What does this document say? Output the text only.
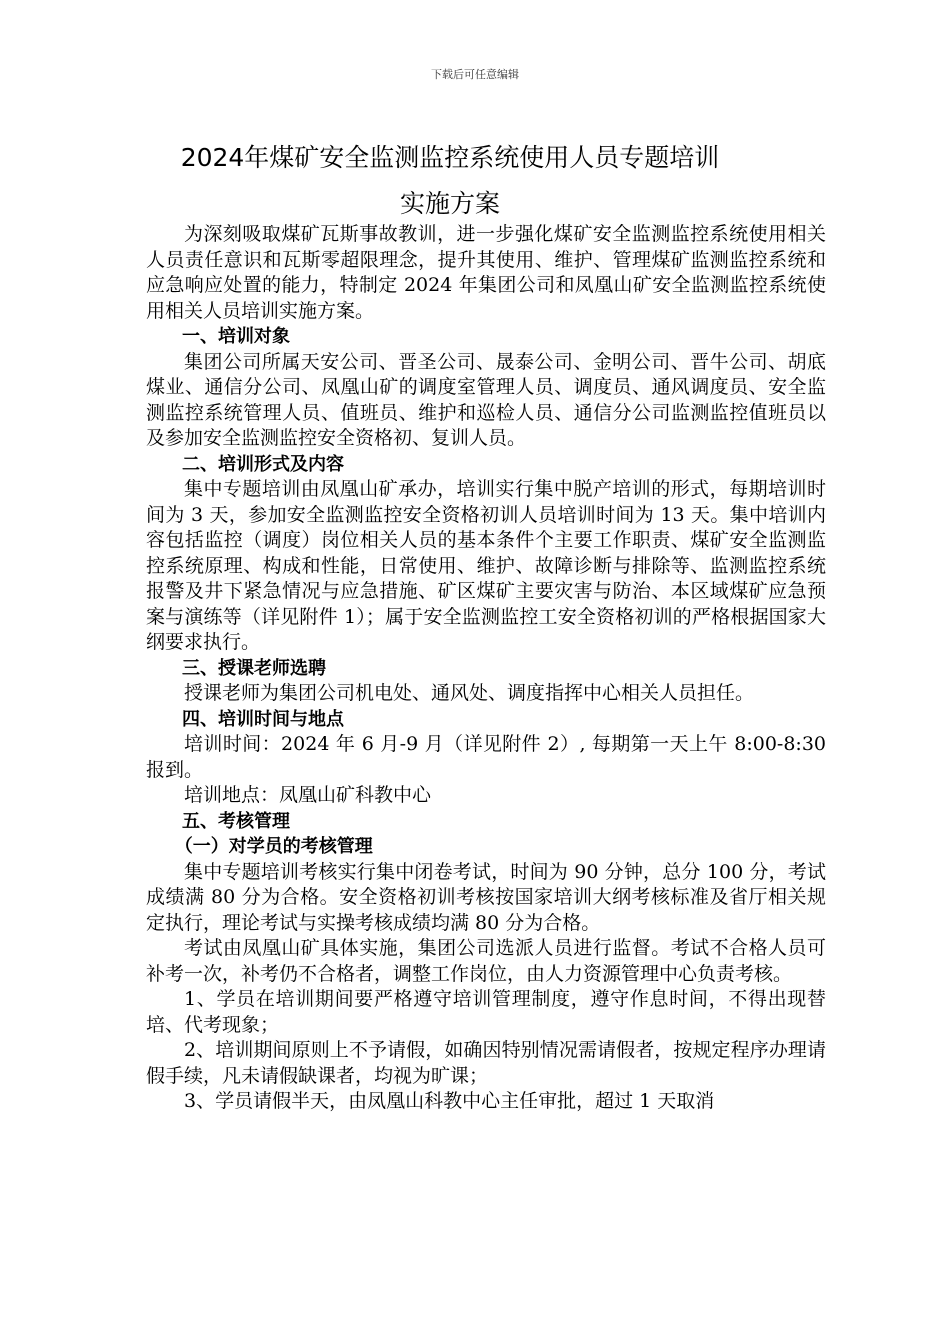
下载后可任意编辑
2024年煤矿安全监测监控系统使用人员专题培训
实施方案

为深刻吸取煤矿瓦斯事故教训，进一步强化煤矿安全监测监控系统使用相关人员责任意识和瓦斯零超限理念，提升其使用、维护、管理煤矿监测监控系统和应急响应处置的能力，特制定 2024 年集团公司和凤凰山矿安全监测监控系统使用相关人员培训实施方案。

一、培训对象

集团公司所属天安公司、晋圣公司、晟泰公司、金明公司、晋牛公司、胡底煤业、通信分公司、凤凰山矿的调度室管理人员、调度员、通风调度员、安全监测监控系统管理人员、值班员、维护和巡检人员、通信分公司监测监控值班员以及参加安全监测监控安全资格初、复训人员。

二、培训形式及内容

集中专题培训由凤凰山矿承办，培训实行集中脱产培训的形式，每期培训时间为 3 天，参加安全监测监控安全资格初训人员培训时间为 13 天。集中培训内容包括监控（调度）岗位相关人员的基本条件个主要工作职责、煤矿安全监测监控系统原理、构成和性能，日常使用、维护、故障诊断与排除等、监测监控系统报警及井下紧急情况与应急措施、矿区煤矿主要灾害与防治、本区域煤矿应急预案与演练等（详见附件 1）；属于安全监测监控工安全资格初训的严格根据国家大纲要求执行。

三、授课老师选聘

授课老师为集团公司机电处、通风处、调度指挥中心相关人员担任。

四、培训时间与地点

培训时间：2024 年 6 月-9 月（详见附件 2）, 每期第一天上午 8:00-8:30 报到。

培训地点：凤凰山矿科教中心

五、考核管理

（一）对学员的考核管理

集中专题培训考核实行集中闭卷考试，时间为 90 分钟，总分 100 分，考试成绩满 80 分为合格。安全资格初训考核按国家培训大纲考核标准及省厅相关规定执行，理论考试与实操考核成绩均满 80 分为合格。

考试由凤凰山矿具体实施，集团公司选派人员进行监督。考试不合格人员可补考一次，补考仍不合格者，调整工作岗位，由人力资源管理中心负责考核。

1、学员在培训期间要严格遵守培训管理制度，遵守作息时间，不得出现替培、代考现象；

2、培训期间原则上不予请假，如确因特别情况需请假者，按规定程序办理请假手续，凡未请假缺课者，均视为旷课；

3、学员请假半天，由凤凰山科教中心主任审批，超过 1 天取消
